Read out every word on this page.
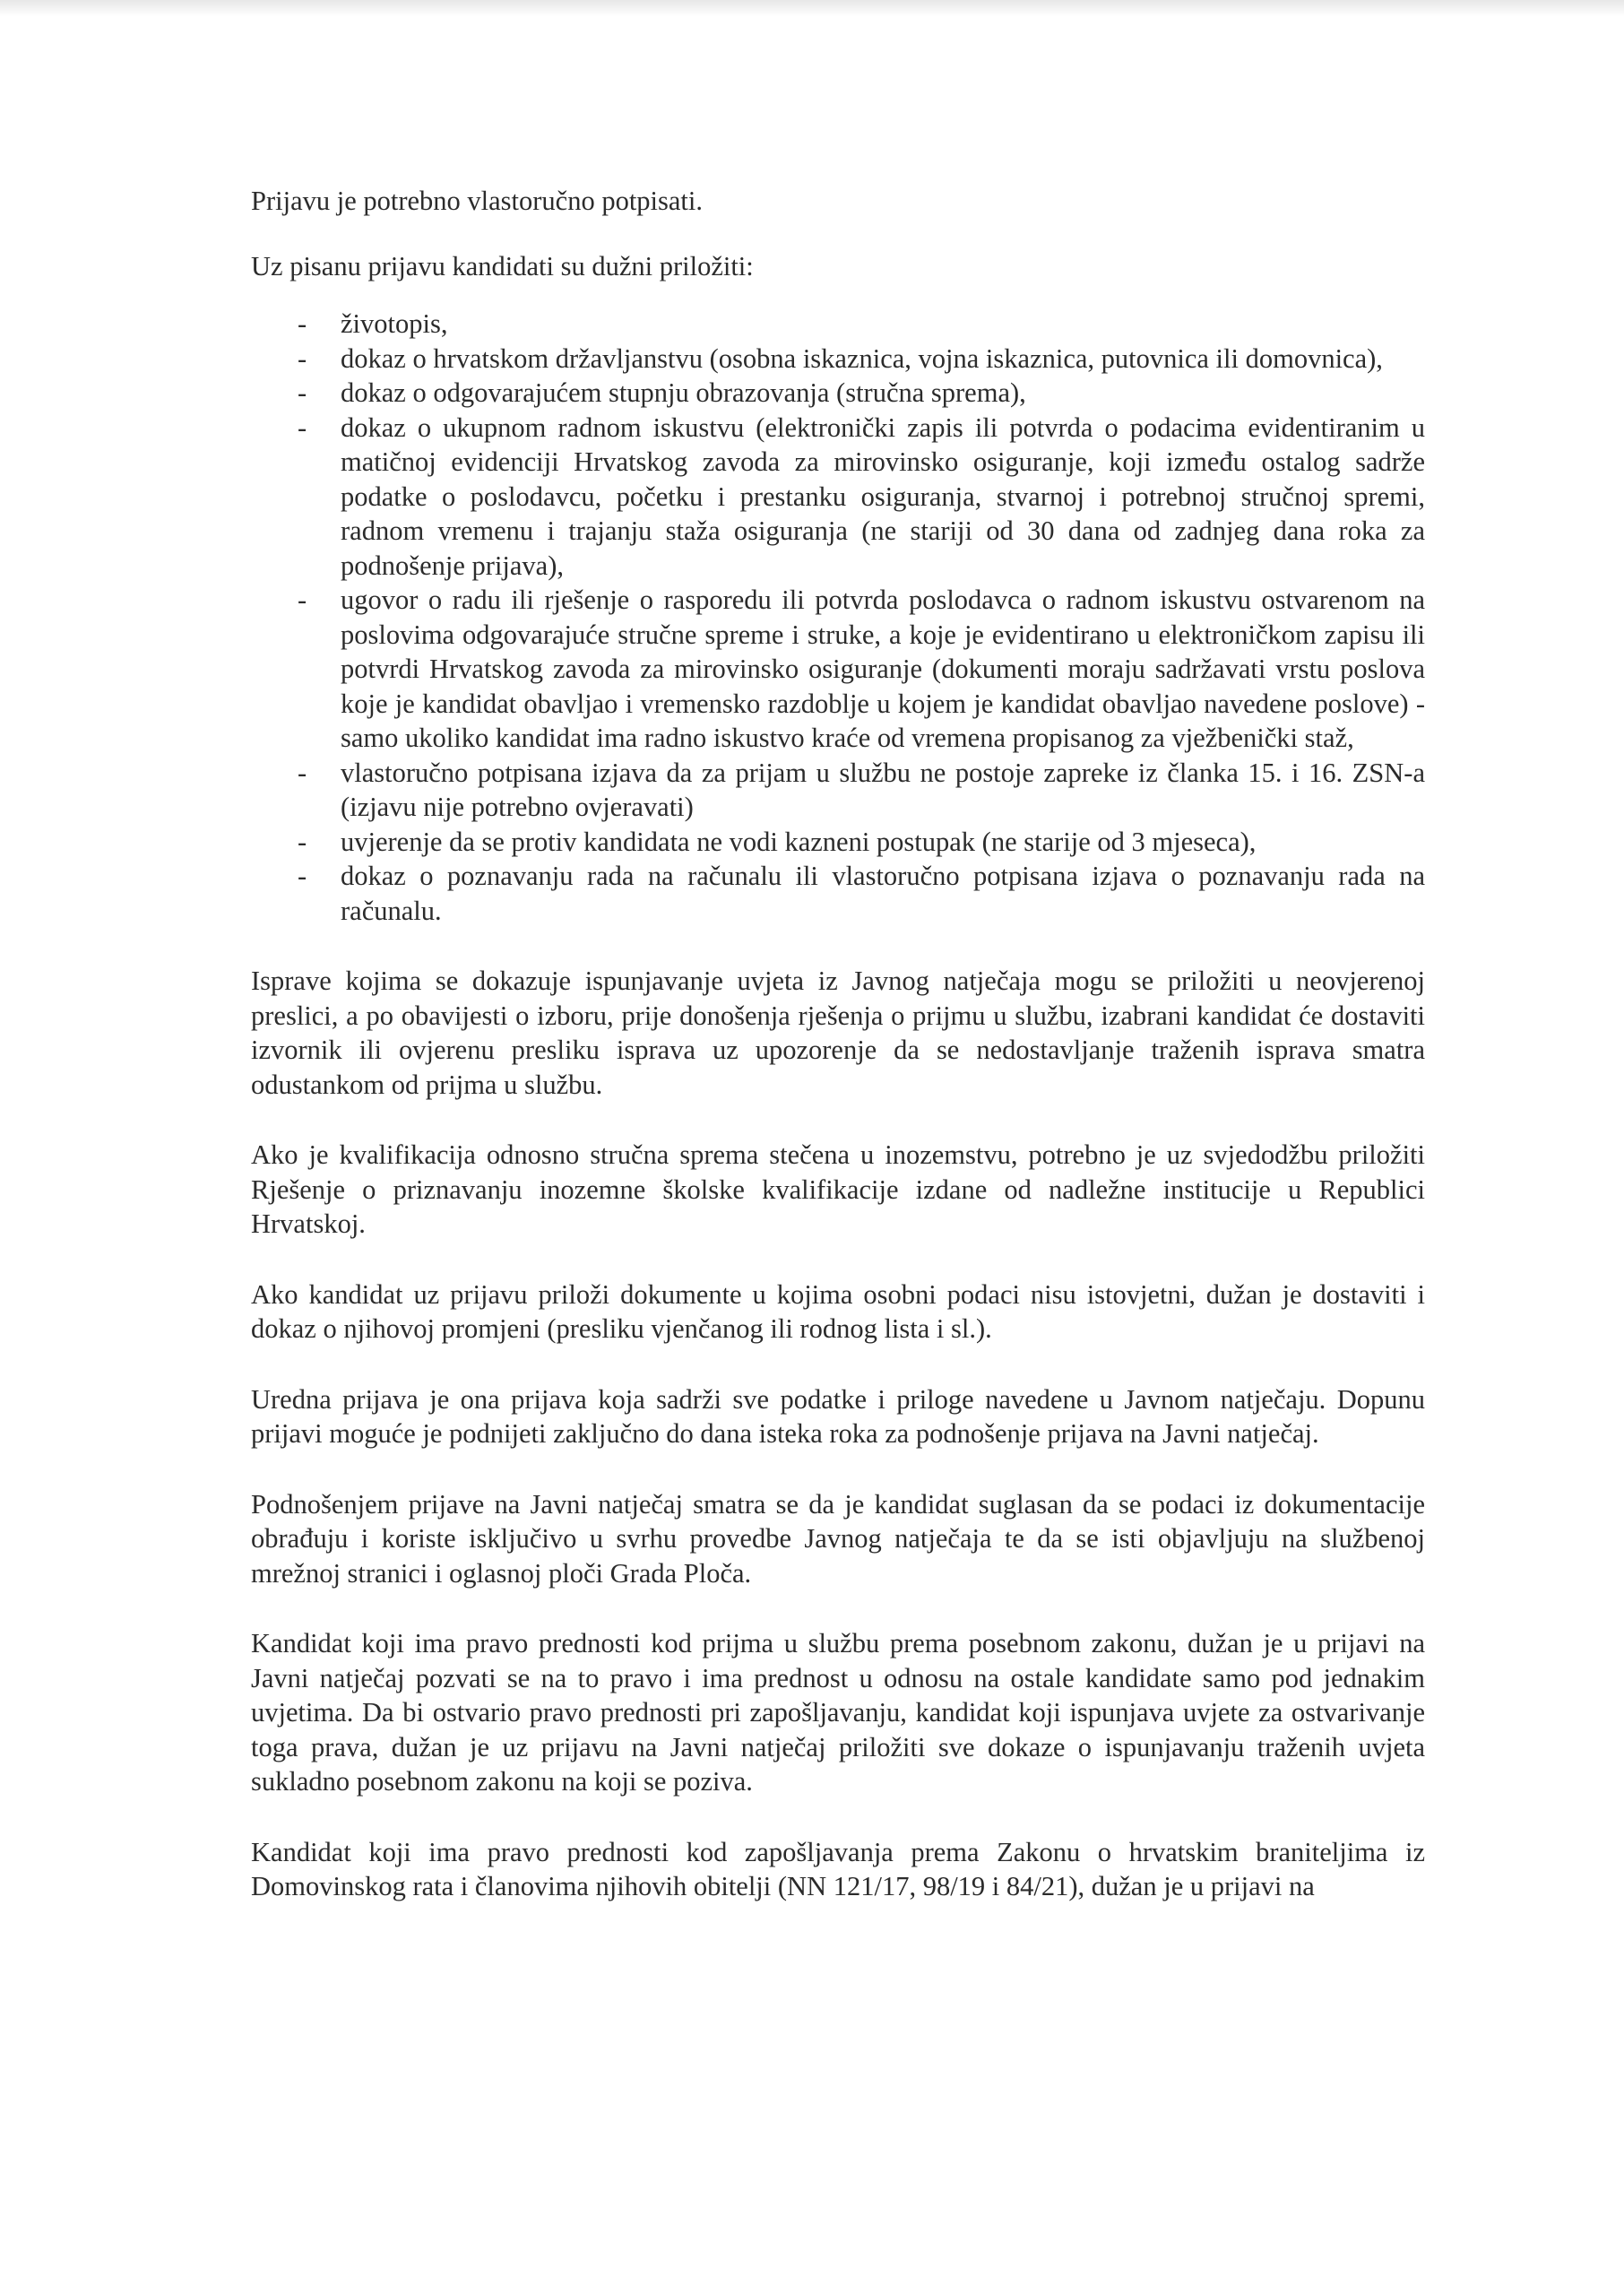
Prijavu je potrebno vlastoručno potpisati.

Uz pisanu prijavu kandidati su dužni priložiti:

- životopis,
- dokaz o hrvatskom državljanstvu (osobna iskaznica, vojna iskaznica, putovnica ili domovnica),
- dokaz o odgovarajućem stupnju obrazovanja (stručna sprema),
- dokaz o ukupnom radnom iskustvu (elektronički zapis ili potvrda o podacima evidentiranim u matičnoj evidenciji Hrvatskog zavoda za mirovinsko osiguranje, koji između ostalog sadrže podatke o poslodavcu, početku i prestanku osiguranja, stvarnoj i potrebnoj stručnoj spremi, radnom vremenu i trajanju staža osiguranja (ne stariji od 30 dana od zadnjeg dana roka za podnošenje prijava),
- ugovor o radu ili rješenje o rasporedu ili potvrda poslodavca o radnom iskustvu ostvarenom na poslovima odgovarajuće stručne spreme i struke, a koje je evidentirano u elektroničkom zapisu ili potvrdi Hrvatskog zavoda za mirovinsko osiguranje (dokumenti moraju sadržavati vrstu poslova koje je kandidat obavljao i vremensko razdoblje u kojem je kandidat obavljao navedene poslove) - samo ukoliko kandidat ima radno iskustvo kraće od vremena propisanog za vježbenički staž,
- vlastoručno potpisana izjava da za prijam u službu ne postoje zapreke iz članka 15. i 16. ZSN-a (izjavu nije potrebno ovjeravati)
- uvjerenje da se protiv kandidata ne vodi kazneni postupak (ne starije od 3 mjeseca),
- dokaz o poznavanju rada na računalu ili vlastoručno potpisana izjava o poznavanju rada na računalu.

Isprave kojima se dokazuje ispunjavanje uvjeta iz Javnog natječaja mogu se priložiti u neovjerenoj preslici, a po obavijesti o izboru, prije donošenja rješenja o prijmu u službu, izabrani kandidat će dostaviti izvornik ili ovjerenu presliku isprava uz upozorenje da se nedostavljanje traženih isprava smatra odustankom od prijma u službu.

Ako je kvalifikacija odnosno stručna sprema stečena u inozemstvu, potrebno je uz svjedodžbu priložiti Rješenje o priznavanju inozemne školske kvalifikacije izdane od nadležne institucije u Republici Hrvatskoj.

Ako kandidat uz prijavu priloži dokumente u kojima osobni podaci nisu istovjetni, dužan je dostaviti i dokaz o njihovoj promjeni (presliku vjenčanog ili rodnog lista i sl.).

Uredna prijava je ona prijava koja sadrži sve podatke i priloge navedene u Javnom natječaju. Dopunu prijavi moguće je podnijeti zaključno do dana isteka roka za podnošenje prijava na Javni natječaj.

Podnošenjem prijave na Javni natječaj smatra se da je kandidat suglasan da se podaci iz dokumentacije obrađuju i koriste isključivo u svrhu provedbe Javnog natječaja te da se isti objavljuju na službenoj mrežnoj stranici i oglasnoj ploči Grada Ploča.

Kandidat koji ima pravo prednosti kod prijma u službu prema posebnom zakonu, dužan je u prijavi na Javni natječaj pozvati se na to pravo i ima prednost u odnosu na ostale kandidate samo pod jednakim uvjetima. Da bi ostvario pravo prednosti pri zapošljavanju, kandidat koji ispunjava uvjete za ostvarivanje toga prava, dužan je uz prijavu na Javni natječaj priložiti sve dokaze o ispunjavanju traženih uvjeta sukladno posebnom zakonu na koji se poziva.

Kandidat koji ima pravo prednosti kod zapošljavanja prema Zakonu o hrvatskim braniteljima iz Domovinskog rata i članovima njihovih obitelji (NN 121/17, 98/19 i 84/21), dužan je u prijavi na
